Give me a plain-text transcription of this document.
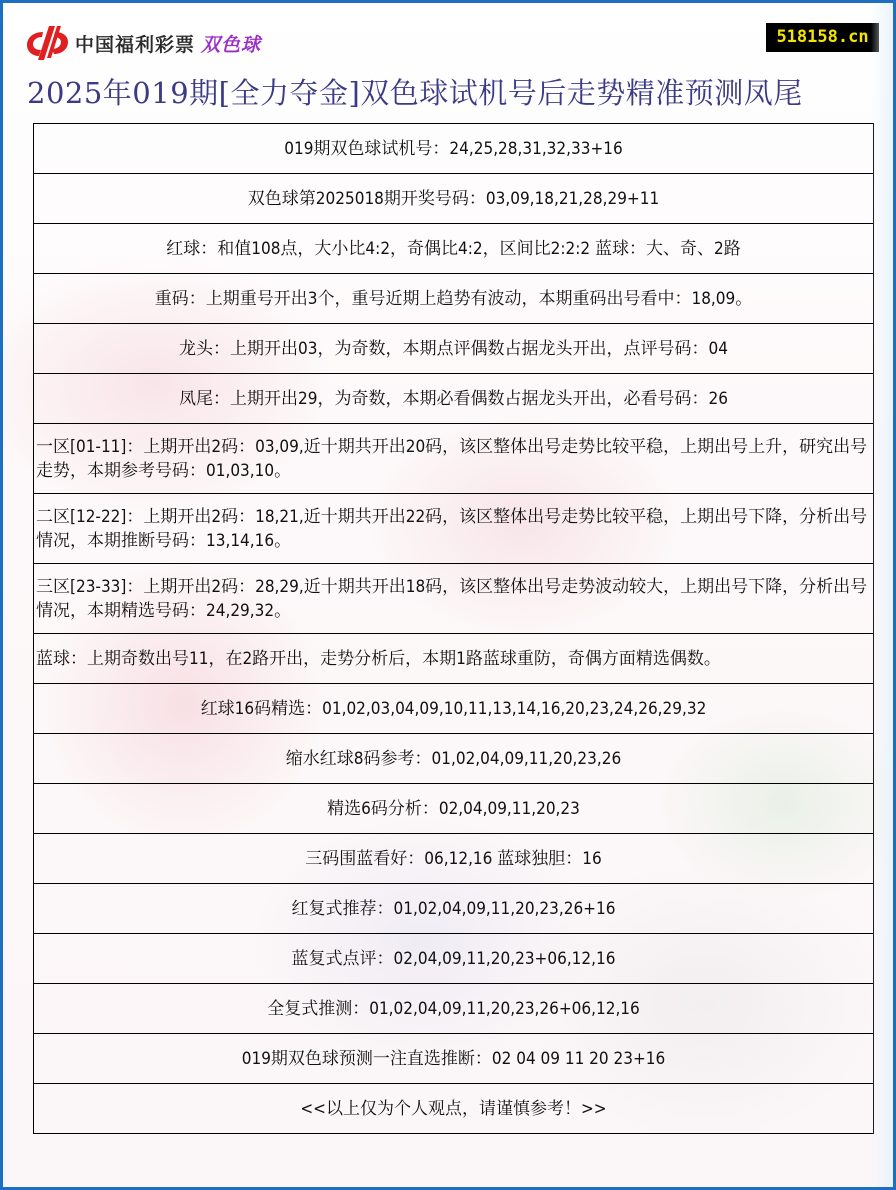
中国福利彩票 双色球	518158.cn
2025年019期[全力夺金]双色球试机号后走势精准预测凤尾
019期双色球试机号：24,25,28,31,32,33+16
双色球第2025018期开奖号码：03,09,18,21,28,29+11
红球：和值108点，大小比4:2，奇偶比4:2，区间比2:2:2 蓝球：大、奇、2路
重码：上期重号开出3个，重号近期上趋势有波动，本期重码出号看中：18,09。
龙头：上期开出03，为奇数，本期点评偶数占据龙头开出，点评号码：04
凤尾：上期开出29，为奇数，本期必看偶数占据龙头开出，必看号码：26
一区[01-11]：上期开出2码：03,09,近十期共开出20码，该区整体出号走势比较平稳，上期出号上升，研究出号走势，本期参考号码：01,03,10。
二区[12-22]：上期开出2码：18,21,近十期共开出22码，该区整体出号走势比较平稳，上期出号下降，分析出号情况，本期推断号码：13,14,16。
三区[23-33]：上期开出2码：28,29,近十期共开出18码，该区整体出号走势波动较大，上期出号下降，分析出号情况，本期精选号码：24,29,32。
蓝球：上期奇数出号11，在2路开出，走势分析后，本期1路蓝球重防，奇偶方面精选偶数。
红球16码精选：01,02,03,04,09,10,11,13,14,16,20,23,24,26,29,32
缩水红球8码参考：01,02,04,09,11,20,23,26
精选6码分析：02,04,09,11,20,23
三码围蓝看好：06,12,16 蓝球独胆：16
红复式推荐：01,02,04,09,11,20,23,26+16
蓝复式点评：02,04,09,11,20,23+06,12,16
全复式推测：01,02,04,09,11,20,23,26+06,12,16
019期双色球预测一注直选推断：02 04 09 11 20 23+16
<<以上仅为个人观点，请谨慎参考！>>
